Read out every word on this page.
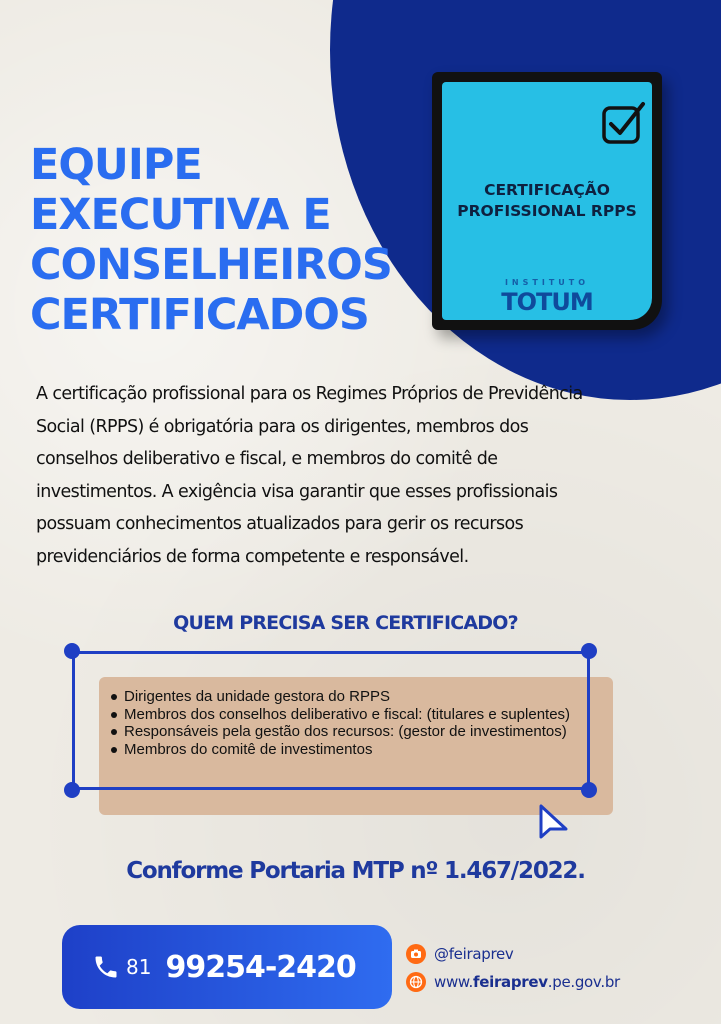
EQUIPE
EXECUTIVA E
CONSELHEIROS
CERTIFICADOS
CERTIFICAÇÃO
PROFISSIONAL RPPS
INSTITUTO
TOTUM

A certificação profissional para os Regimes Próprios de Previdência Social (RPPS) é obrigatória para os dirigentes, membros dos conselhos deliberativo e fiscal, e membros do comitê de investimentos. A exigência visa garantir que esses profissionais possuam conhecimentos atualizados para gerir os recursos previdenciários de forma competente e responsável.

QUEM PRECISA SER CERTIFICADO?
Dirigentes da unidade gestora do RPPS
Membros dos conselhos deliberativo e fiscal: (titulares e suplentes)
Responsáveis pela gestão dos recursos: (gestor de investimentos)
Membros do comitê de investimentos
Conforme Portaria MTP nº 1.467/2022.
81 99254-2420	@feiraprev
www. feiraprev .pe.gov.br
